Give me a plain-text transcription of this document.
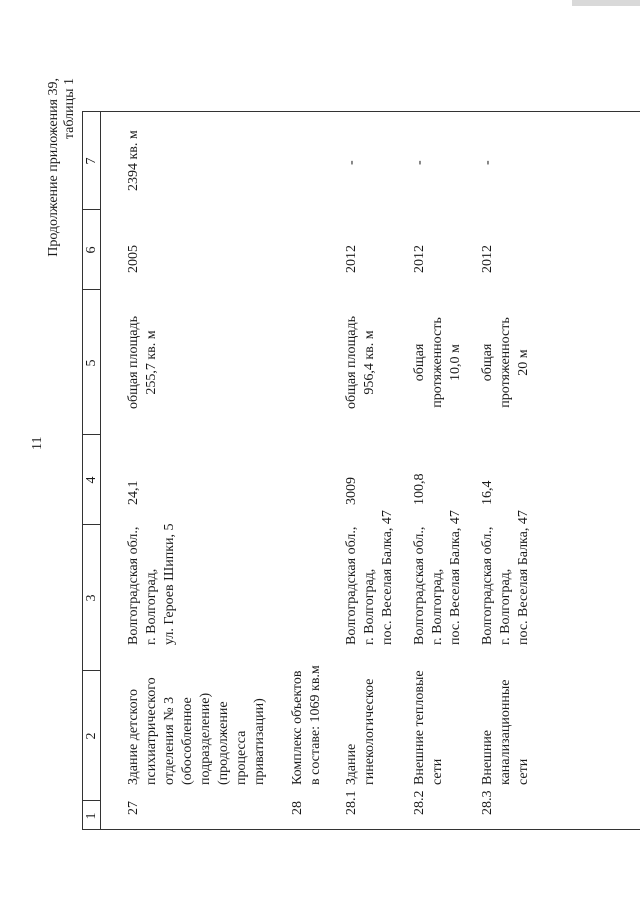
11
Продолжение приложения 39, таблицы 1
27
Здание детского психиатрического отделения № 3 (обособленное подразделение) (продолжение процесса приватизации)
Волгоградская обл., г. Волгоград, ул. Героев Шипки, 5
24,1
общая площадь 255,7 кв. м
2005
2394 кв. м
28
Комплекс объектов в составе: 1069 кв.м
28.1
Здание гинекологическое
Волгоградская обл., г. Волгоград, пос. Веселая Балка, 47
3009
общая площадь 956,4 кв. м
2012
-
28.2
Внешние тепловые сети
Волгоградская обл., г. Волгоград, пос. Веселая Балка, 47
100,8
общая протяженность 10,0 м
2012
-
28.3
Внешние канализационные сети
Волгоградская обл., г. Волгоград, пос. Веселая Балка, 47
16,4
общая протяженность 20 м
2012
-
1
2
3
4
5
6
7
